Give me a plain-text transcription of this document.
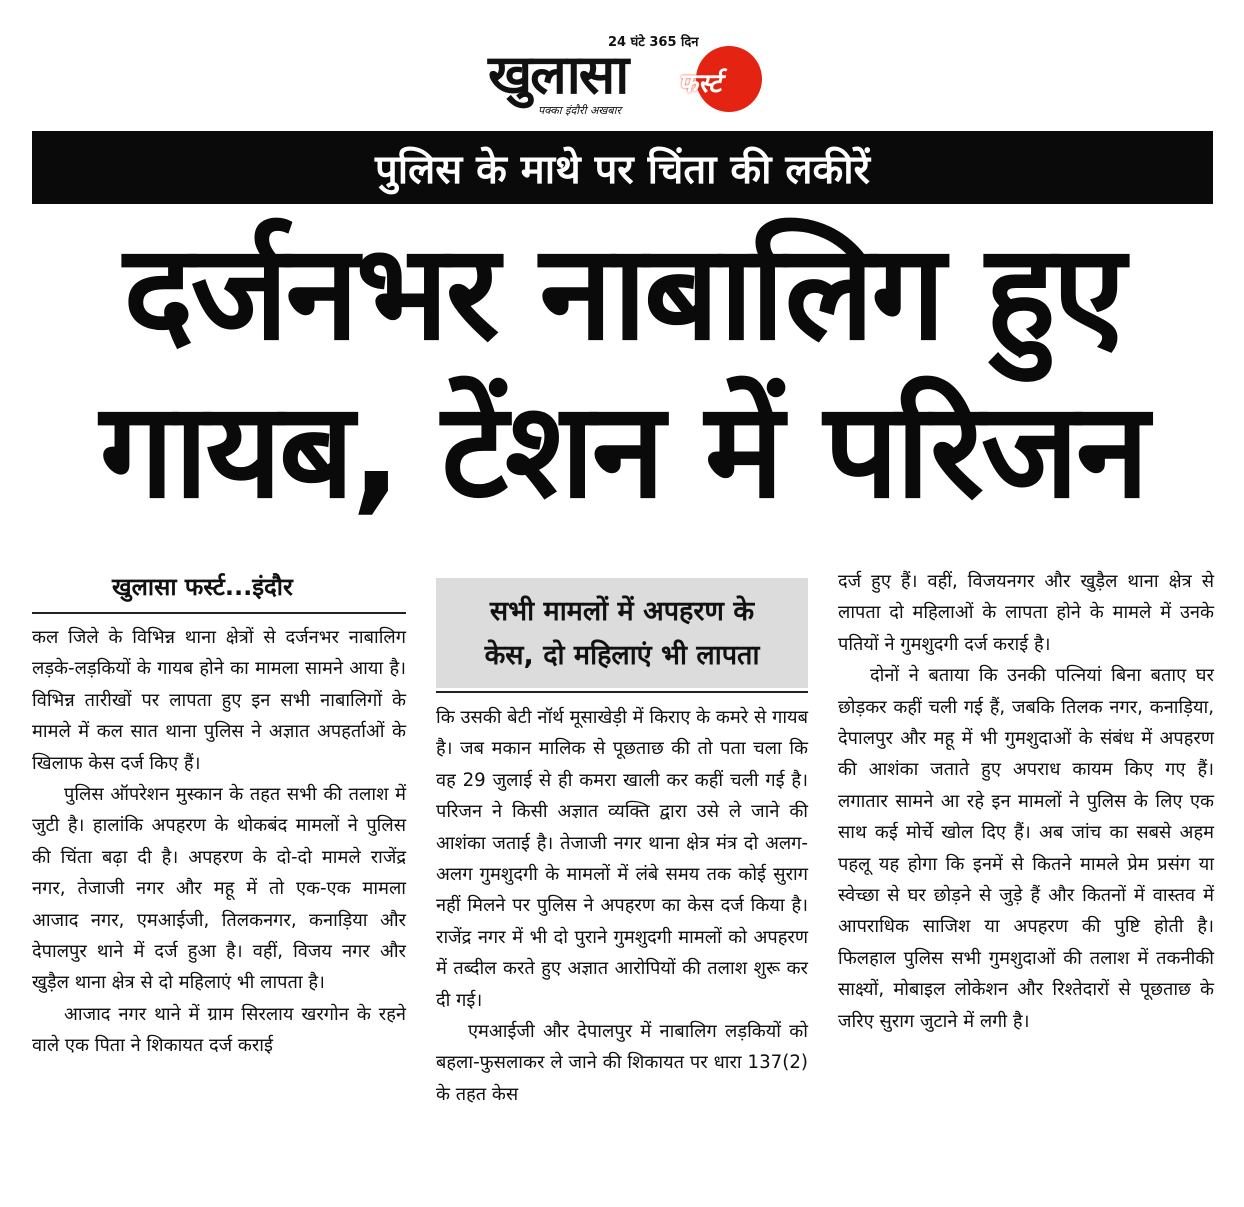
24 घंटे 365 दिन
खुलासा फर्स्ट
पक्का इंदौरी अखबार
पुलिस के माथे पर चिंता की लकीरें
दर्जनभर नाबालिग हुए
गायब, टेंशन में परिजन
खुलासा फर्स्ट...इंदौर

कल जिले के विभिन्न थाना क्षेत्रों से दर्जनभर नाबालिग लड़के-लड़कियों के गायब होने का मामला सामने आया है। विभिन्न तारीखों पर लापता हुए इन सभी नाबालिगों के मामले में कल सात थाना पुलिस ने अज्ञात अपहर्ताओं के खिलाफ केस दर्ज किए हैं।

पुलिस ऑपरेशन मुस्कान के तहत सभी की तलाश में जुटी है। हालांकि अपहरण के थोकबंद मामलों ने पुलिस की चिंता बढ़ा दी है। अपहरण के दो-दो मामले राजेंद्र नगर, तेजाजी नगर और महू में तो एक-एक मामला आजाद नगर, एमआईजी, तिलकनगर, कनाड़िया और देपालपुर थाने में दर्ज हुआ है। वहीं, विजय नगर और खुड़ैल थाना क्षेत्र से दो महिलाएं भी लापता है।

आजाद नगर थाने में ग्राम सिरलाय खरगोन के रहने वाले एक पिता ने शिकायत दर्ज कराई

सभी मामलों में अपहरण के
केस, दो महिलाएं भी लापता

कि उसकी बेटी नॉर्थ मूसाखेड़ी में किराए के कमरे से गायब है। जब मकान मालिक से पूछताछ की तो पता चला कि वह 29 जुलाई से ही कमरा खाली कर कहीं चली गई है। परिजन ने किसी अज्ञात व्यक्ति द्वारा उसे ले जाने की आशंका जताई है। तेजाजी नगर थाना क्षेत्र मंत्र दो अलग-अलग गुमशुदगी के मामलों में लंबे समय तक कोई सुराग नहीं मिलने पर पुलिस ने अपहरण का केस दर्ज किया है। राजेंद्र नगर में भी दो पुराने गुमशुदगी मामलों को अपहरण में तब्दील करते हुए अज्ञात आरोपियों की तलाश शुरू कर दी गई।

एमआईजी और देपालपुर में नाबालिग लड़कियों को बहला-फुसलाकर ले जाने की शिकायत पर धारा 137(2) के तहत केस

दर्ज हुए हैं। वहीं, विजयनगर और खुड़ैल थाना क्षेत्र से लापता दो महिलाओं के लापता होने के मामले में उनके पतियों ने गुमशुदगी दर्ज कराई है।

दोनों ने बताया कि उनकी पत्नियां बिना बताए घर छोड़कर कहीं चली गई हैं, जबकि तिलक नगर, कनाड़िया, देपालपुर और महू में भी गुमशुदाओं के संबंध में अपहरण की आशंका जताते हुए अपराध कायम किए गए हैं। लगातार सामने आ रहे इन मामलों ने पुलिस के लिए एक साथ कई मोर्चे खोल दिए हैं। अब जांच का सबसे अहम पहलू यह होगा कि इनमें से कितने मामले प्रेम प्रसंग या स्वेच्छा से घर छोड़ने से जुड़े हैं और कितनों में वास्तव में आपराधिक साजिश या अपहरण की पुष्टि होती है। फिलहाल पुलिस सभी गुमशुदाओं की तलाश में तकनीकी साक्ष्यों, मोबाइल लोकेशन और रिश्तेदारों से पूछताछ के जरिए सुराग जुटाने में लगी है।
